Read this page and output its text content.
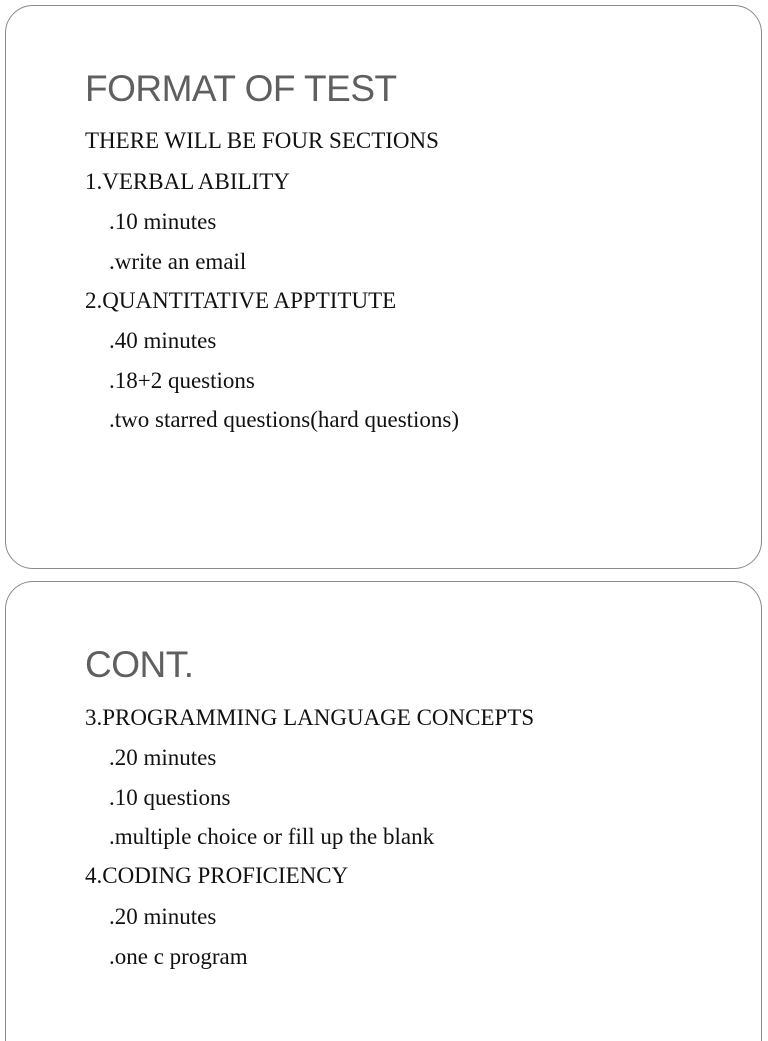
FORMAT OF TEST
THERE WILL BE FOUR SECTIONS
1.VERBAL ABILITY
.10 minutes
.write an email
2.QUANTITATIVE APPTITUTE
.40 minutes
.18+2 questions
.two starred questions(hard questions)
CONT.
3.PROGRAMMING LANGUAGE CONCEPTS
.20 minutes
.10 questions
.multiple choice or fill up the blank
4.CODING PROFICIENCY
.20 minutes
.one c program
